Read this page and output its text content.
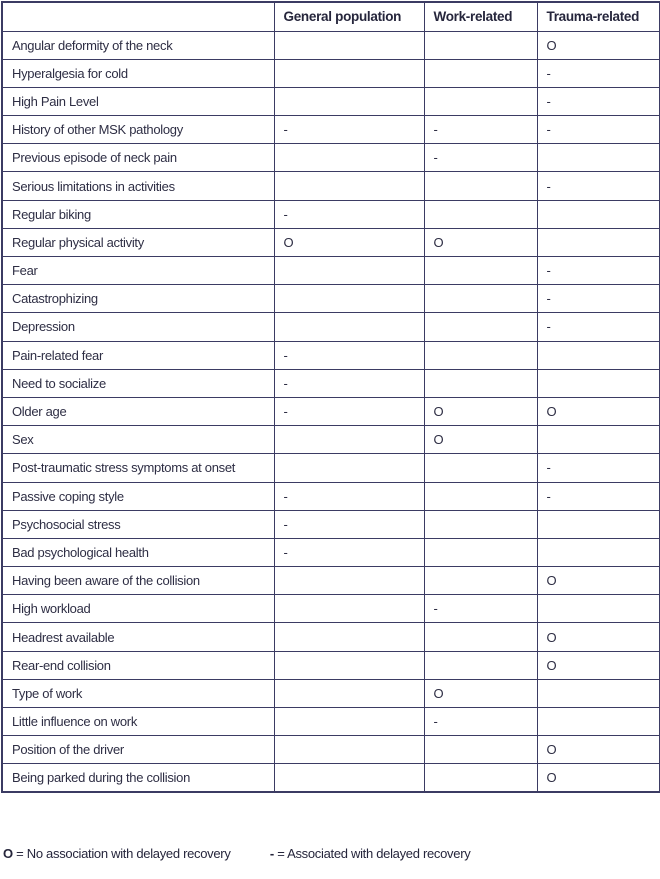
	General population	Work-related	Trauma-related
Angular deformity of the neck			O
Hyperalgesia for cold			-
High Pain Level			-
History of other MSK pathology	-	-	-
Previous episode of neck pain		-	
Serious limitations in activities			-
Regular biking	-		
Regular physical activity	O	O	
Fear			-
Catastrophizing			-
Depression			-
Pain-related fear	-		
Need to socialize	-		
Older age	-	O	O
Sex		O	
Post-traumatic stress symptoms at onset			-
Passive coping style	-		-
Psychosocial stress	-		
Bad psychological health	-		
Having been aware of the collision			O
High workload		-	
Headrest available			O
Rear-end collision			O
Type of work		O	
Little influence on work		-	
Position of the driver			O
Being parked during the collision			O
O = No association with delayed recovery	- = Associated with delayed recovery
